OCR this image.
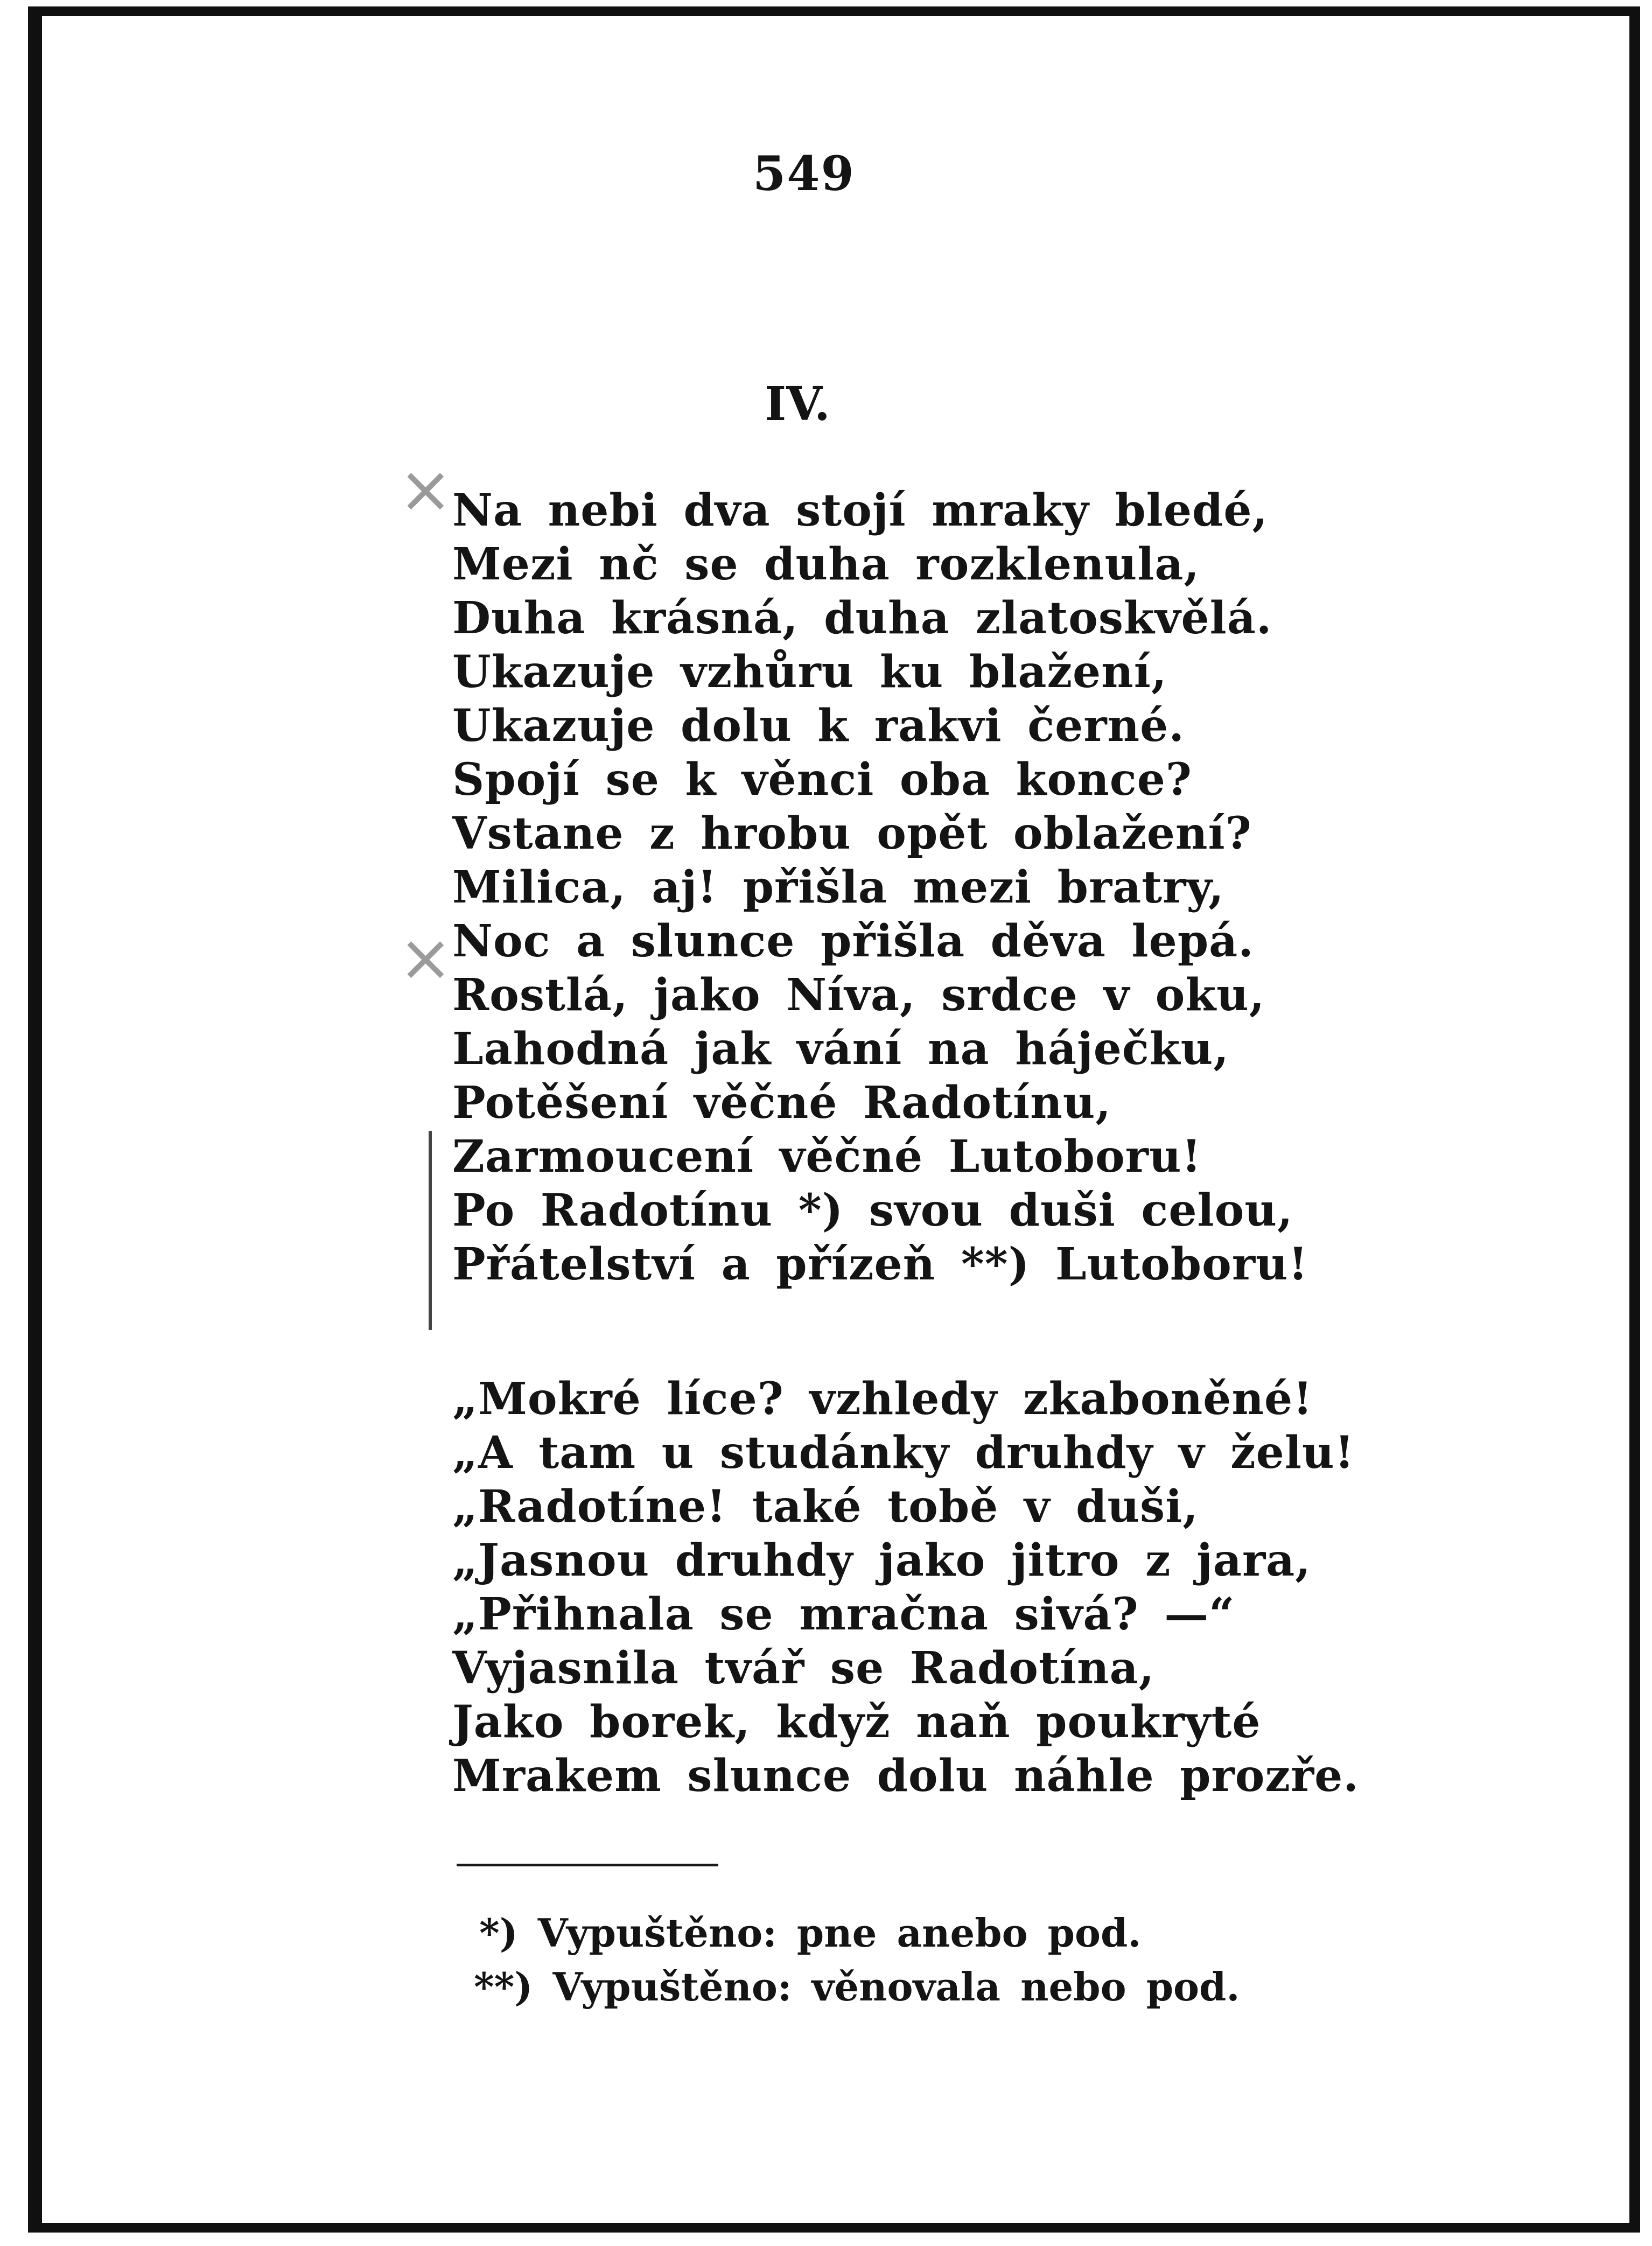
549
IV.
×
×
Na nebi dva stojí mraky bledé,
Mezi nč se duha rozklenula,
Duha krásná, duha zlatoskvělá.
Ukazuje vzhůru ku blažení,
Ukazuje dolu k rakvi černé.
Spojí se k věnci oba konce?
Vstane z hrobu opět oblažení?
Milica, aj! přišla mezi bratry,
Noc a slunce přišla děva lepá.
Rostlá, jako Níva, srdce v oku,
Lahodná jak vání na háječku,
Potěšení věčné Radotínu,
Zarmoucení věčné Lutoboru!
Po Radotínu *) svou duši celou,
Přátelství a přízeň **) Lutoboru!
„Mokré líce? vzhledy zkaboněné!
„A tam u studánky druhdy v želu!
„Radotíne! také tobě v duši,
„Jasnou druhdy jako jitro z jara,
„Přihnala se mračna sivá? —“
Vyjasnila tvář se Radotína,
Jako borek, když naň poukryté
Mrakem slunce dolu náhle prozře.
*) Vypuštěno: pne anebo pod.
**) Vypuštěno: věnovala nebo pod.
